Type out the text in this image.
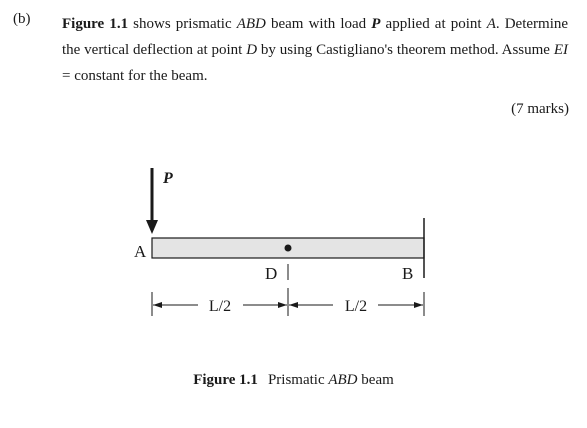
(b) Figure 1.1 shows prismatic ABD beam with load P applied at point A. Determine the vertical deflection at point D by using Castigliano's theorem method. Assume EI = constant for the beam.
(7 marks)
P
A
D	B
L/2	L/2
Figure 1.1 Prismatic ABD beam
